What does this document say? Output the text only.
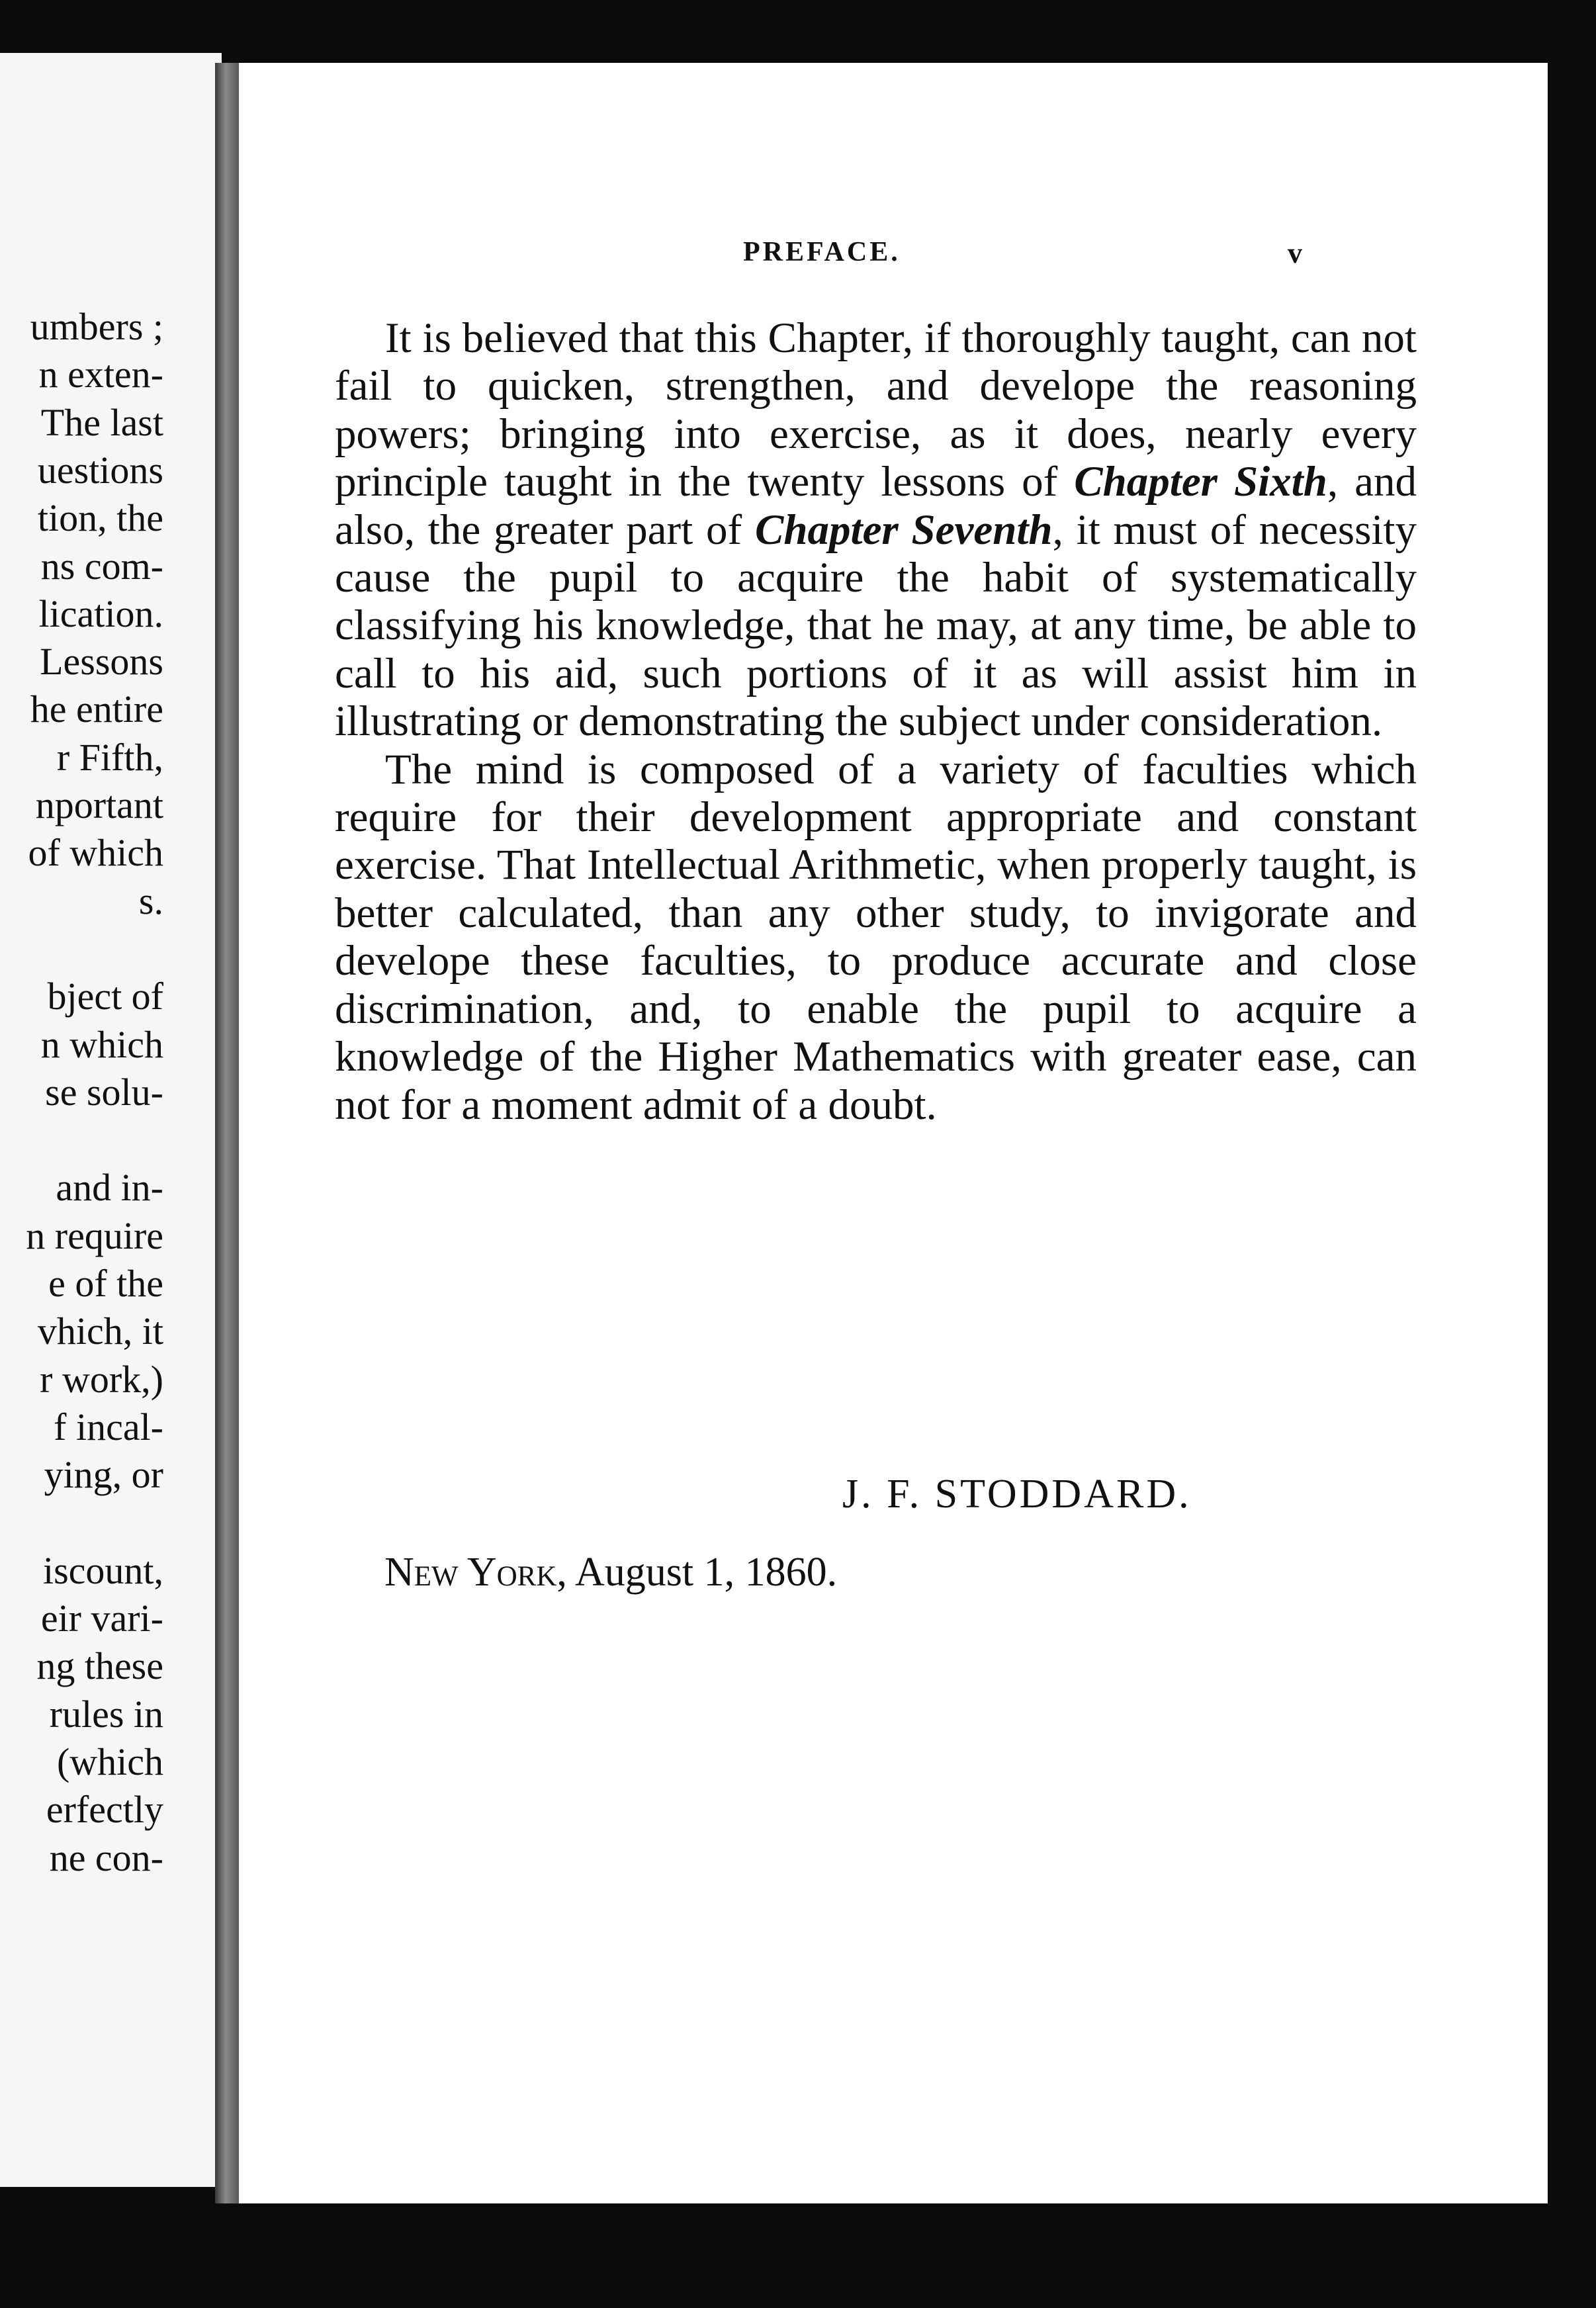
umbers ;
n exten-
The last
uestions
tion, the
ns com-
lication.
Lessons
he entire
r Fifth,
nportant
of which
s.
bject of
n which
se solu-
and in-
n require
e of the
vhich, it
r work,)
f incal-
ying, or
iscount,
eir vari-
ng these
rules in
(which
erfectly
ne con-

PREFACE.	v

It is believed that this Chapter, if thoroughly taught, can not fail to quicken, strengthen, and develope the reasoning powers; bringing into exercise, as it does, nearly every principle taught in the twenty lessons of Chapter Sixth, and also, the greater part of Chapter Seventh, it must of necessity cause the pupil to acquire the habit of systematically classifying his knowledge, that he may, at any time, be able to call to his aid, such portions of it as will assist him in illustrating or demonstrating the subject under consideration.

The mind is composed of a variety of faculties which require for their development appropriate and constant exercise. That Intellectual Arithmetic, when properly taught, is better calculated, than any other study, to invigorate and develope these faculties, to produce accurate and close discrimination, and, to enable the pupil to acquire a knowledge of the Higher Mathematics with greater ease, can not for a moment admit of a doubt.

J. F. STODDARD.
New York, August 1, 1860.
